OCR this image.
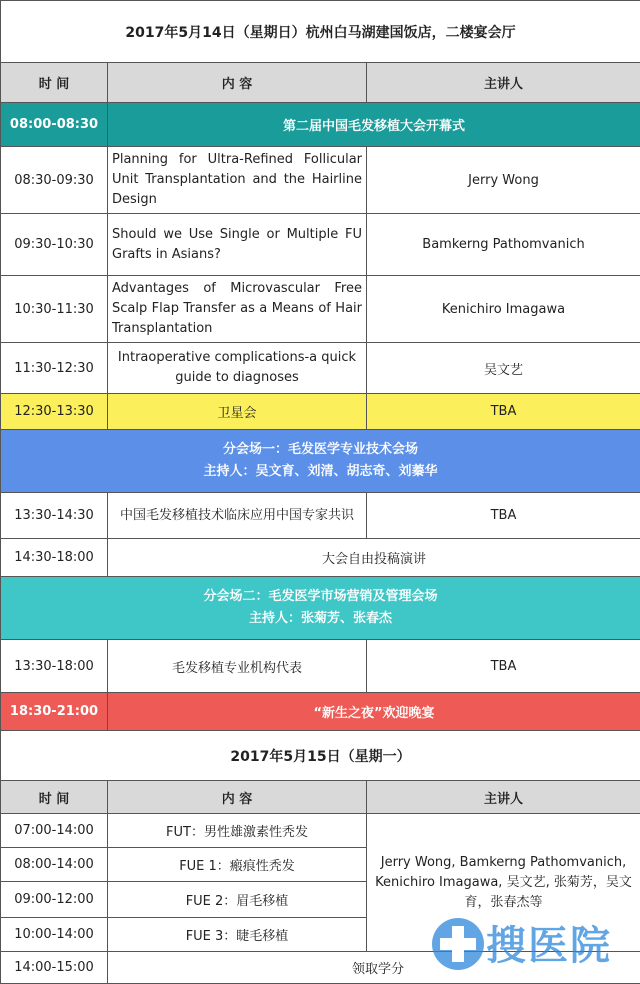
2017年5月14日（星期日）杭州白马湖建国饭店，二楼宴会厅		
时 间	内 容	主讲人
08:00-08:30	第二届中国毛发移植大会开幕式	
08:30-09:30	Planning for Ultra-Refined Follicular Unit Transplantation and the Hairline Design	Jerry Wong
09:30-10:30	Should we Use Single or Multiple FU Grafts in Asians?	Bamkerng Pathomvanich
10:30-11:30	Advantages of Microvascular Free Scalp Flap Transfer as a Means of Hair Transplantation	Kenichiro Imagawa
11:30-12:30	Intraoperative complications-a quick guide to diagnoses	吴文艺
12:30-13:30	卫星会	TBA

分会场一：毛发医学专业技术会场
主持人：吴文育、刘清、胡志奇、刘蓁华		

13:30-14:30	中国毛发移植技术临床应用中国专家共识	TBA
14:30-18:00	大会自由投稿演讲	

分会场二：毛发医学市场营销及管理会场
主持人：张菊芳、张春杰		

13:30-18:00	毛发移植专业机构代表	TBA
18:30-21:00	“新生之夜”欢迎晚宴	
2017年5月15日（星期一）		
时 间	内 容	主讲人
07:00-14:00	FUT：男性雄激素性秃发	Jerry Wong, Bamkerng Pathomvanich, Kenichiro Imagawa, 吴文艺, 张菊芳，吴文育，张春杰等
08:00-14:00	FUE 1：瘢痕性秃发	
09:00-12:00	FUE 2：眉毛移植	
10:00-14:00	FUE 3：睫毛移植	
14:00-15:00	领取学分	
搜医院
